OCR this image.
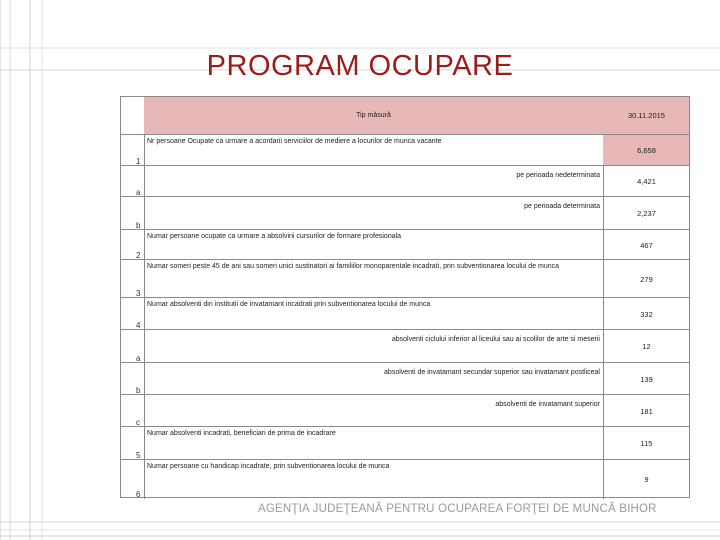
PROGRAM OCUPARE
Tip măsură	30.11.2015
1
Nr persoane Ocupate ca urmare a acordarii serviciilor de mediere a locurilor de munca vacante
6,658
a
pe perioada nedeterminata
4,421
b
pe perioada determinata
2,237
2
Numar persoane ocupate ca urmare a absolvirii cursurilor de formare profesionala
467
3
Numar someri peste 45 de ani sau someri unici sustinatori ai familiilor monoparentale incadrati, prin subventionarea locului de munca
279
4
Numar absolventi din institutii de invatamant incadrati prin subventionarea locului de munca
332
a
absolventi ciclului inferior al liceului sau ai scolilor de arte si meserii
12
b
absolventi de invatamant secundar superior sau invatamant postliceal
139
c
absolventi de invatamant superior
181
5
Numar absolventi incadrati, beneficiari de prima de incadrare
115
6
Numar persoane cu handicap incadrate, prin subventionarea locului de munca
9
AGENŢIA JUDEŢEANĂ PENTRU OCUPAREA FORŢEI DE MUNCĂ BIHOR
